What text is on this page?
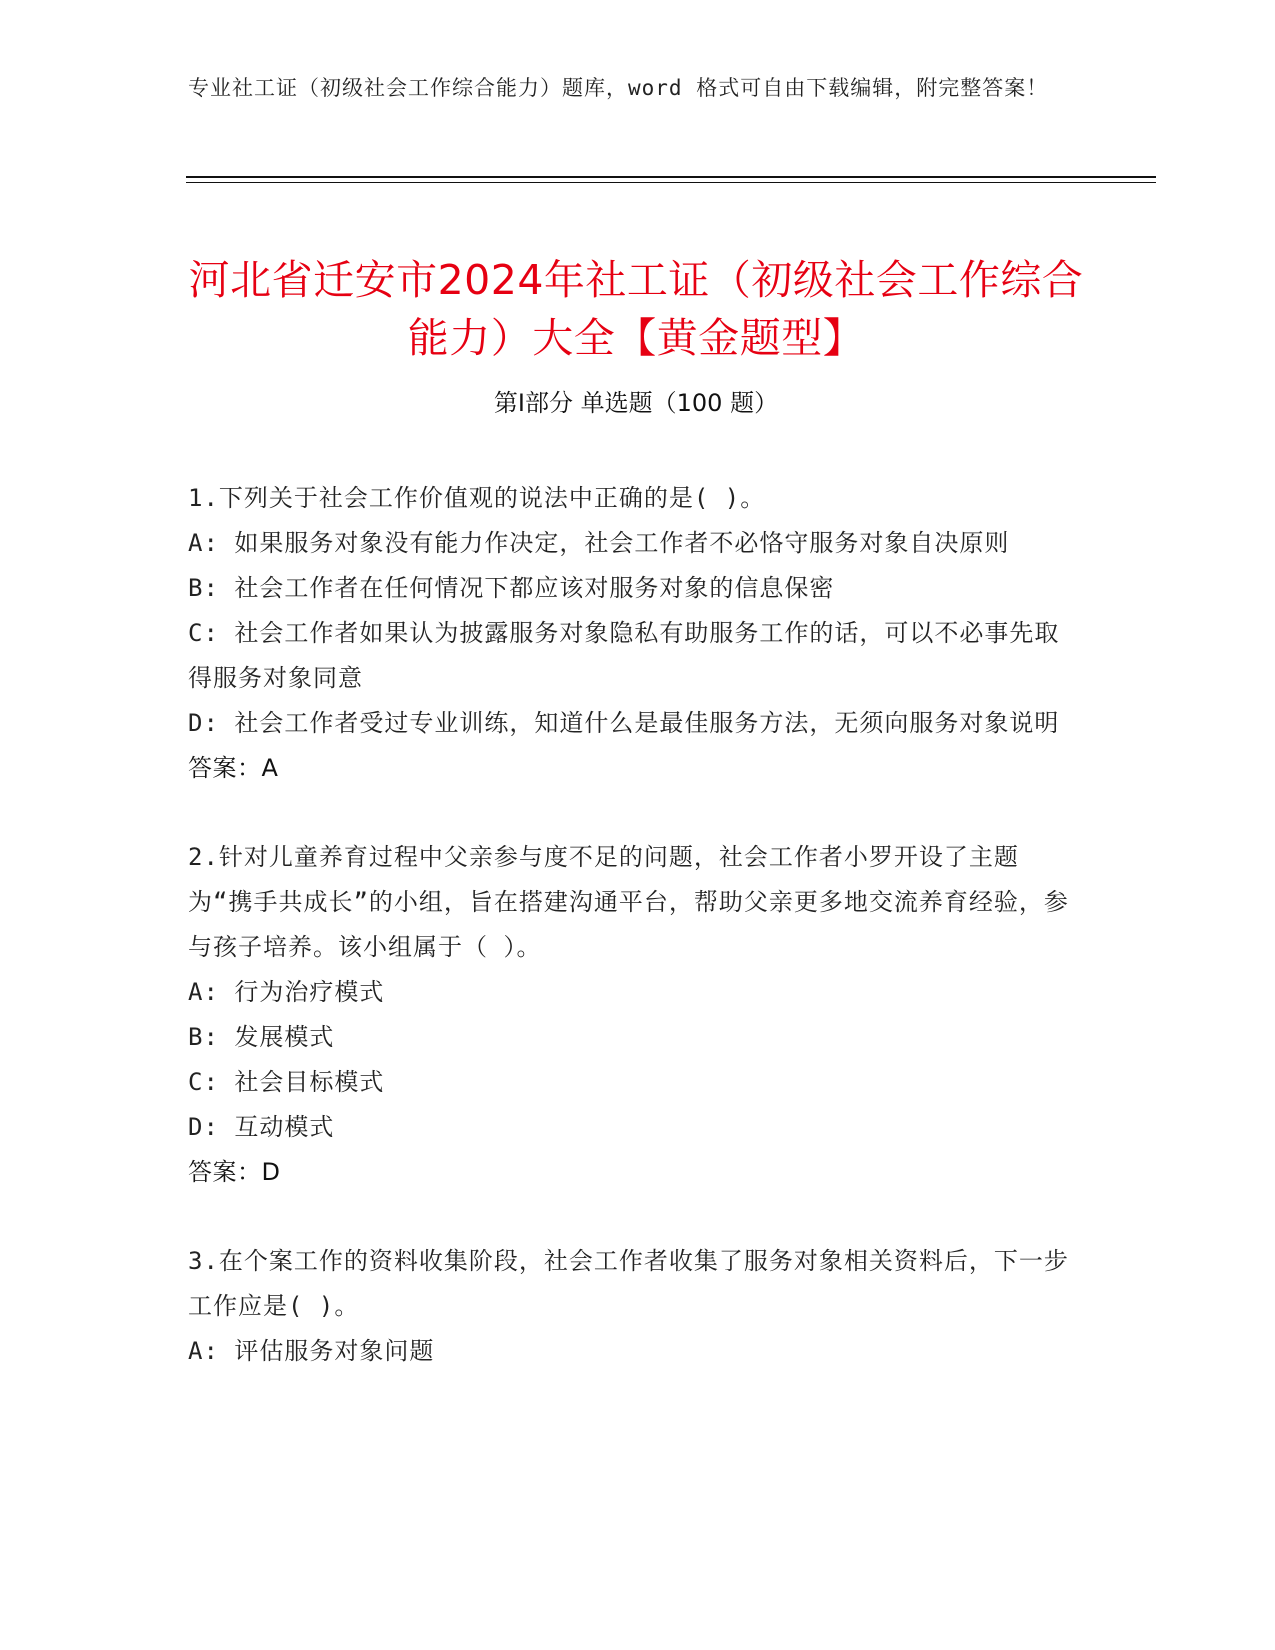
专业社工证（初级社会工作综合能力）题库，word 格式可自由下载编辑，附完整答案！
河北省迁安市2024年社工证（初级社会工作综合能力）大全【黄金题型】
第Ⅰ部分 单选题（100 题）
1.下列关于社会工作价值观的说法中正确的是( )。
A: 如果服务对象没有能力作决定，社会工作者不必恪守服务对象自决原则
B: 社会工作者在任何情况下都应该对服务对象的信息保密
C: 社会工作者如果认为披露服务对象隐私有助服务工作的话，可以不必事先取得服务对象同意
D: 社会工作者受过专业训练，知道什么是最佳服务方法，无须向服务对象说明
答案：A
2.针对儿童养育过程中父亲参与度不足的问题，社会工作者小罗开设了主题为“携手共成长”的小组，旨在搭建沟通平台，帮助父亲更多地交流养育经验，参与孩子培养。该小组属于（ ）。
A: 行为治疗模式
B: 发展模式
C: 社会目标模式
D: 互动模式
答案：D
3.在个案工作的资料收集阶段，社会工作者收集了服务对象相关资料后，下一步工作应是( )。
A: 评估服务对象问题
